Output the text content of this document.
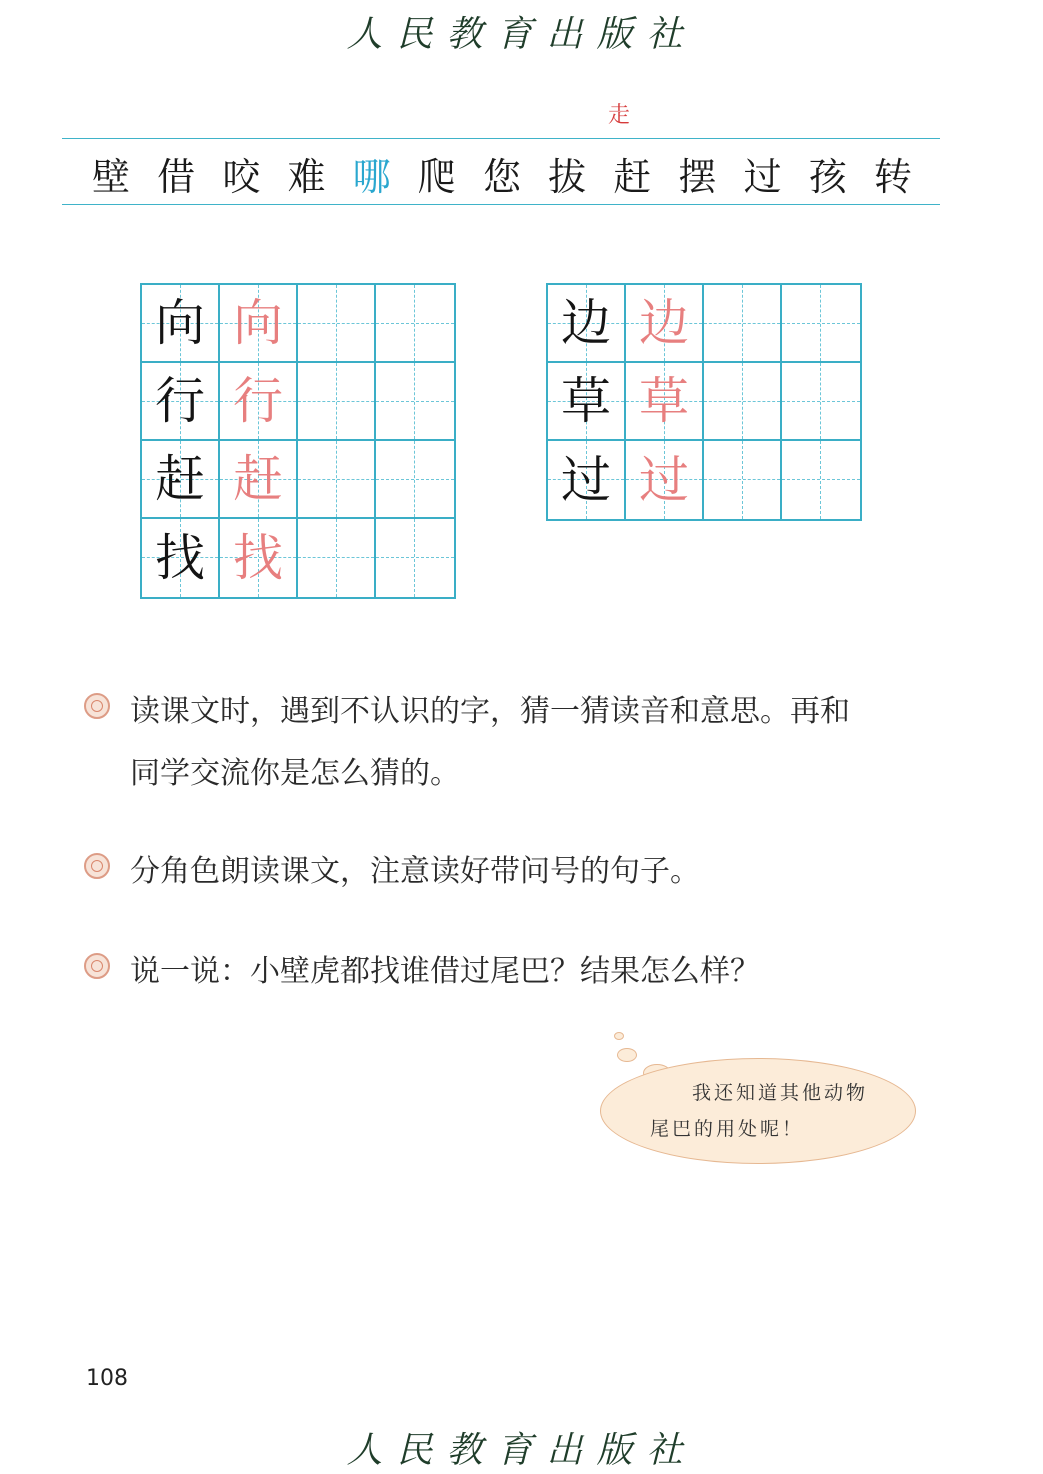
人民教育出版社
走
壁 借 咬 难 哪 爬 您 拔 赶 摆 过 孩 转
向 向
行 行
赶 赶
找 找
边 边
草 草
过 过
读课文时，遇到不认识的字，猜一猜读音和意思。再和
同学交流你是怎么猜的。
分角色朗读课文，注意读好带问号的句子。
说一说：小壁虎都找谁借过尾巴？结果怎么样？
我还知道其他动物
尾巴的用处呢！
108
人民教育出版社
